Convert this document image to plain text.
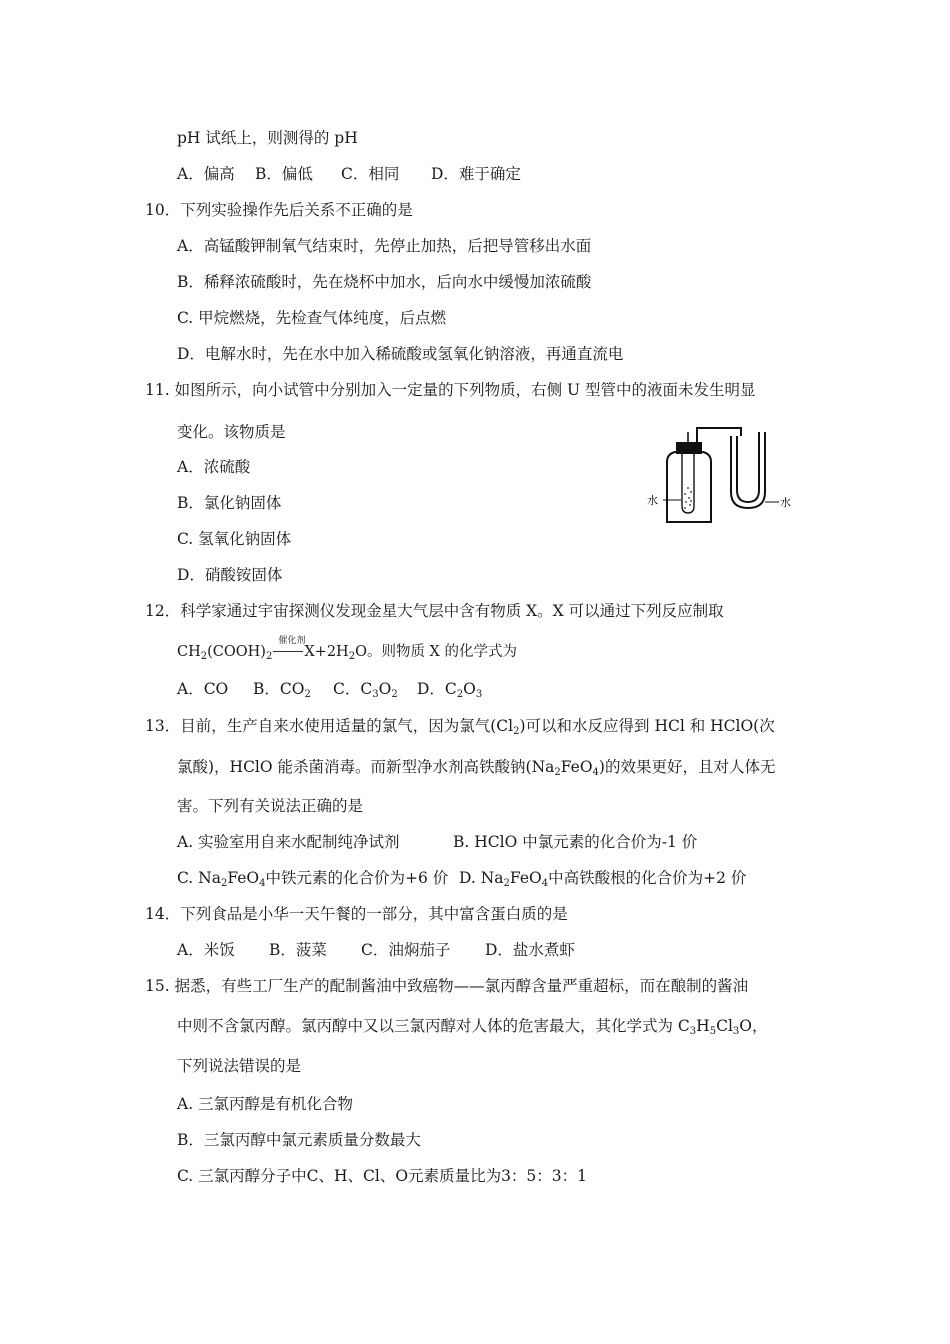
pH 试纸上，则测得的 pH
A．偏高 B．偏低 C．相同 D．难于确定
10．下列实验操作先后关系不正确的是
A．高锰酸钾制氧气结束时，先停止加热，后把导管移出水面
B．稀释浓硫酸时，先在烧杯中加水，后向水中缓慢加浓硫酸
C. 甲烷燃烧，先检查气体纯度，后点燃
D．电解水时，先在水中加入稀硫酸或氢氧化钠溶液，再通直流电
11. 如图所示，向小试管中分别加入一定量的下列物质，右侧 U 型管中的液面未发生明显
变化。该物质是
A．浓硫酸
B．氯化钠固体
C. 氢氧化钠固体
D．硝酸铵固体
水	水
12．科学家通过宇宙探测仪发现金星大气层中含有物质 X。X 可以通过下列反应制取
$CH_2(COOH)_2$
催化剂
$X+2H_2O$。则物质 X 的化学式为
A．CO B．$CO_2$ C．$C_3O_2$ D．$C_2O_3$
13．目前，生产自来水使用适量的氯气，因为氯气$(Cl_2)$可以和水反应得到 HCl 和 HClO(次
氯酸)，HClO 能杀菌消毒。而新型净水剂高铁酸钠$(Na_2FeO_4)$的效果更好，且对人体无
害。下列有关说法正确的是
A. 实验室用自来水配制纯净试剂	B. HClO 中氯元素的化合价为-1 价
C. $Na_2FeO_4$中铁元素的化合价为+6 价 D. $Na_2FeO_4$中高铁酸根的化合价为+2 价
14．下列食品是小华一天午餐的一部分，其中富含蛋白质的是
A．米饭 B．菠菜 C．油焖茄子 D．盐水煮虾
15. 据悉，有些工厂生产的配制酱油中致癌物——氯丙醇含量严重超标，而在酿制的酱油
中则不含氯丙醇。氯丙醇中又以三氯丙醇对人体的危害最大，其化学式为 $C_3H_5Cl_3O$，
下列说法错误的是
A. 三氯丙醇是有机化合物
B．三氯丙醇中氯元素质量分数最大
C. 三氯丙醇分子中C、H、Cl、O元素质量比为3：5：3：1
